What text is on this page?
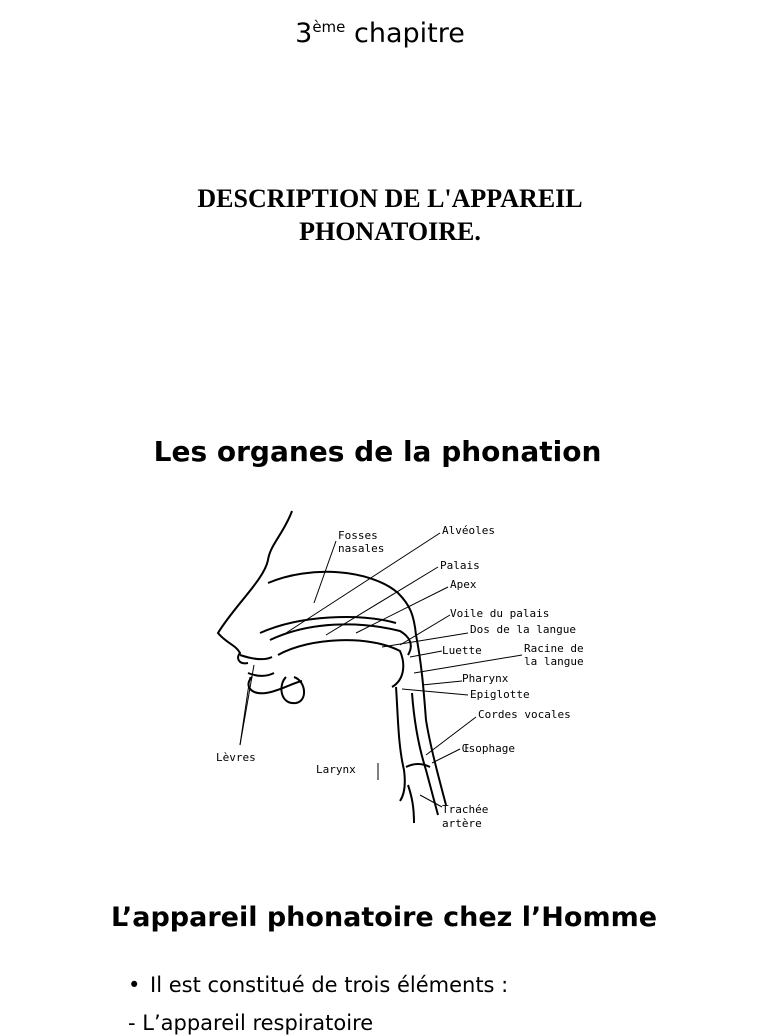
3ème chapitre
DESCRIPTION DE L'APPAREIL
PHONATOIRE.
Les organes de la phonation
Fosses
nasales
Alvéoles
Palais
Apex
Voile du palais
Dos de la langue
Luette	Racine de
la langue
Pharynx
Epiglotte
Cordes vocales
Œsophage
Lèvres
Larynx
Trachée
artère
L’appareil phonatoire chez l’Homme
• Il est constitué de trois éléments :
- L’appareil respiratoire
